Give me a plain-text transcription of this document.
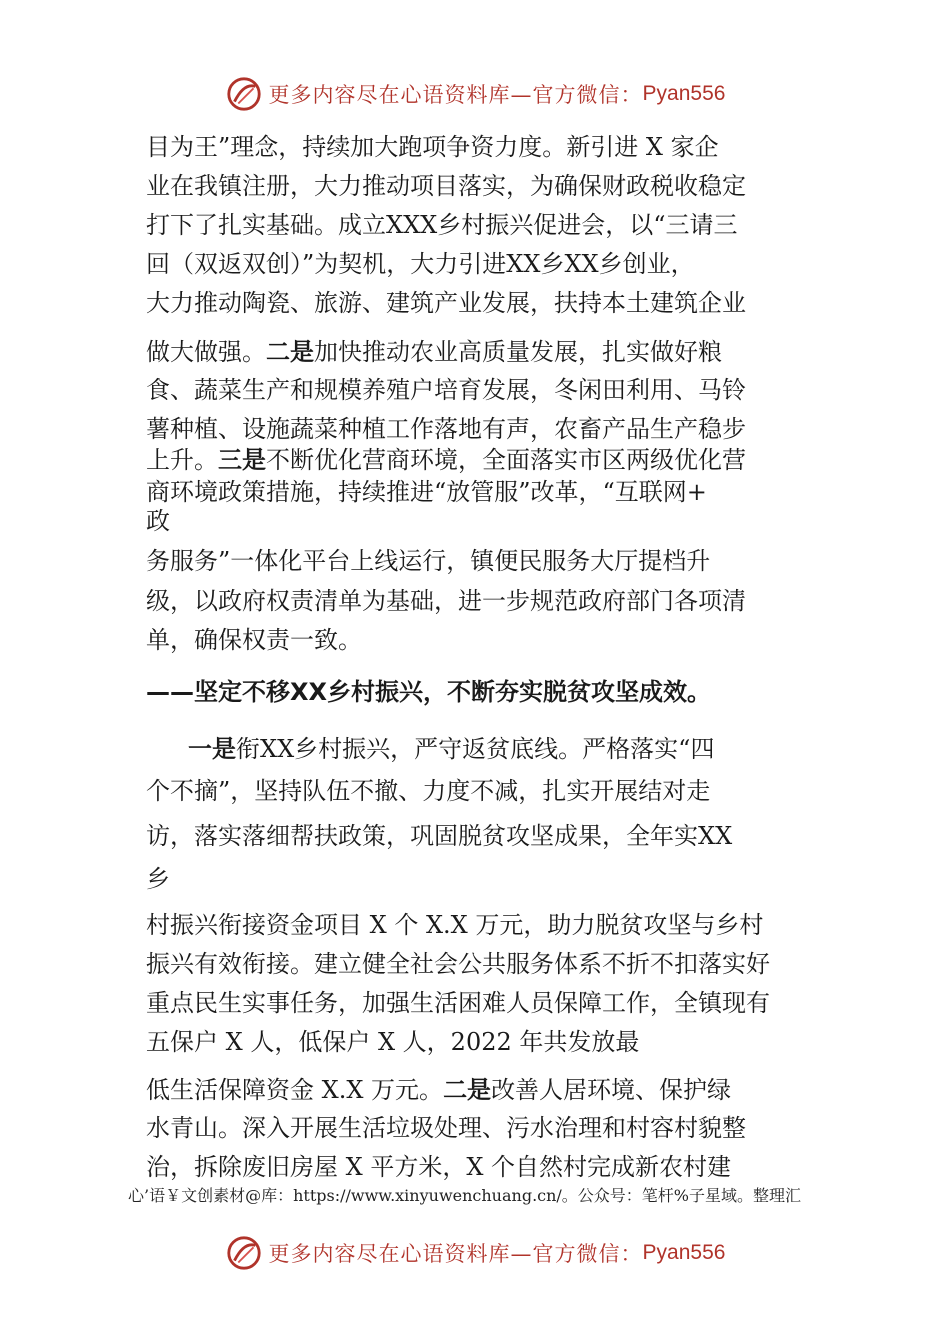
更多内容尽在心语资料库—官方微信： Pyan556
目为王”理念，持续加大跑项争资力度。新引进 X 家企
业在我镇注册，大力推动项目落实，为确保财政税收稳定
打下了扎实基础。成立XXX乡村振兴促进会，以“三请三
回（双返双创）”为契机，大力引进XX乡XX乡创业，
大力推动陶瓷、旅游、建筑产业发展，扶持本土建筑企业
做大做强。二是加快推动农业高质量发展，扎实做好粮
食、蔬菜生产和规模养殖户培育发展，冬闲田利用、马铃
薯种植、设施蔬菜种植工作落地有声，农畜产品生产稳步
上升。三是不断优化营商环境，全面落实市区两级优化营
商环境政策措施，持续推进“放管服”改革，“互联网+
政
务服务”一体化平台上线运行，镇便民服务大厅提档升
级，以政府权责清单为基础，进一步规范政府部门各项清
单，确保权责一致。
——坚定不移XX乡村振兴，不断夯实脱贫攻坚成效。
一是衔XX乡村振兴，严守返贫底线。严格落实“四
个不摘”，坚持队伍不撤、力度不减，扎实开展结对走
访，落实落细帮扶政策，巩固脱贫攻坚成果，全年实XX
乡
村振兴衔接资金项目 X 个 X.X 万元，助力脱贫攻坚与乡村
振兴有效衔接。建立健全社会公共服务体系不折不扣落实好
重点民生实事任务，加强生活困难人员保障工作，全镇现有
五保户 X 人，低保户 X 人，2022 年共发放最
低生活保障资金 X.X 万元。二是改善人居环境、保护绿
水青山。深入开展生活垃圾处理、污水治理和村容村貌整
治，拆除废旧房屋 X 平方米，X 个自然村完成新农村建
心’语￥文创素材@库：https://www.xinyuwenchuang.cn/。公众号：笔杆%子星域。整理汇
更多内容尽在心语资料库—官方微信： Pyan556
